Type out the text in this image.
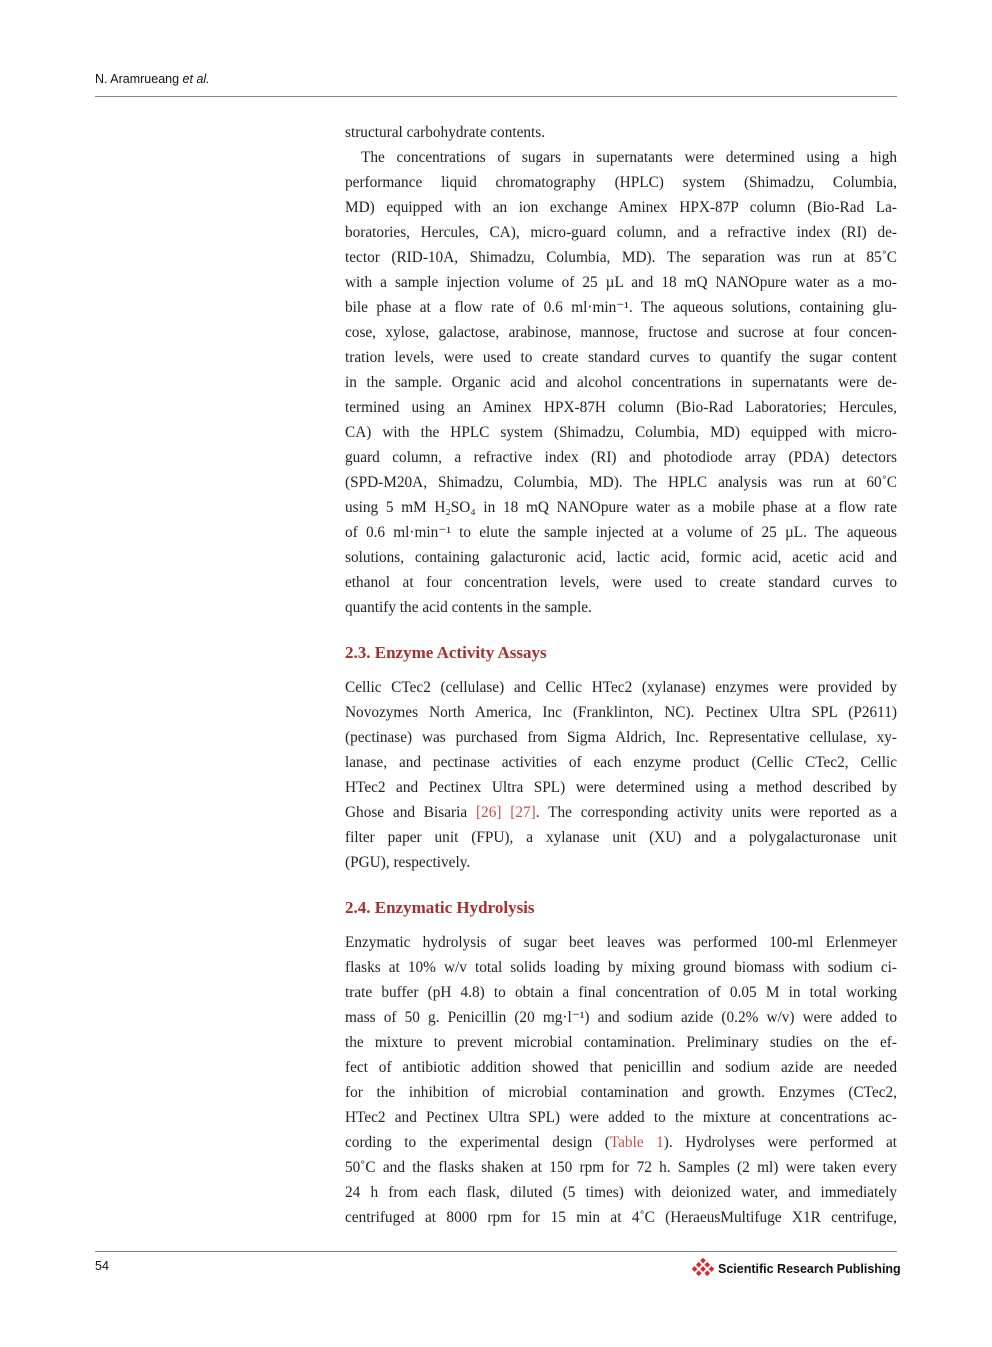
N. Aramrueang et al.
structural carbohydrate contents.
The concentrations of sugars in supernatants were determined using a high
performance liquid chromatography (HPLC) system (Shimadzu, Columbia,
MD) equipped with an ion exchange Aminex HPX-87P column (Bio-Rad La-
boratories, Hercules, CA), micro-guard column, and a refractive index (RI) de-
tector (RID-10A, Shimadzu, Columbia, MD). The separation was run at 85˚C
with a sample injection volume of 25 µL and 18 mQ NANOpure water as a mo-
bile phase at a flow rate of 0.6 ml·min⁻¹. The aqueous solutions, containing glu-
cose, xylose, galactose, arabinose, mannose, fructose and sucrose at four concen-
tration levels, were used to create standard curves to quantify the sugar content
in the sample. Organic acid and alcohol concentrations in supernatants were de-
termined using an Aminex HPX-87H column (Bio-Rad Laboratories; Hercules,
CA) with the HPLC system (Shimadzu, Columbia, MD) equipped with micro-
guard column, a refractive index (RI) and photodiode array (PDA) detectors
(SPD-M20A, Shimadzu, Columbia, MD). The HPLC analysis was run at 60˚C
using 5 mM H₂SO₄ in 18 mQ NANOpure water as a mobile phase at a flow rate
of 0.6 ml·min⁻¹ to elute the sample injected at a volume of 25 µL. The aqueous
solutions, containing galacturonic acid, lactic acid, formic acid, acetic acid and
ethanol at four concentration levels, were used to create standard curves to
quantify the acid contents in the sample.
2.3. Enzyme Activity Assays
Cellic CTec2 (cellulase) and Cellic HTec2 (xylanase) enzymes were provided by
Novozymes North America, Inc (Franklinton, NC). Pectinex Ultra SPL (P2611)
(pectinase) was purchased from Sigma Aldrich, Inc. Representative cellulase, xy-
lanase, and pectinase activities of each enzyme product (Cellic CTec2, Cellic
HTec2 and Pectinex Ultra SPL) were determined using a method described by
Ghose and Bisaria [26] [27]. The corresponding activity units were reported as a
filter paper unit (FPU), a xylanase unit (XU) and a polygalacturonase unit
(PGU), respectively.
2.4. Enzymatic Hydrolysis
Enzymatic hydrolysis of sugar beet leaves was performed 100-ml Erlenmeyer
flasks at 10% w/v total solids loading by mixing ground biomass with sodium ci-
trate buffer (pH 4.8) to obtain a final concentration of 0.05 M in total working
mass of 50 g. Penicillin (20 mg·l⁻¹) and sodium azide (0.2% w/v) were added to
the mixture to prevent microbial contamination. Preliminary studies on the ef-
fect of antibiotic addition showed that penicillin and sodium azide are needed
for the inhibition of microbial contamination and growth. Enzymes (CTec2,
HTec2 and Pectinex Ultra SPL) were added to the mixture at concentrations ac-
cording to the experimental design (Table 1). Hydrolyses were performed at
50˚C and the flasks shaken at 150 rpm for 72 h. Samples (2 ml) were taken every
24 h from each flask, diluted (5 times) with deionized water, and immediately
centrifuged at 8000 rpm for 15 min at 4˚C (HeraeusMultifuge X1R centrifuge,
54	Scientific Research Publishing
